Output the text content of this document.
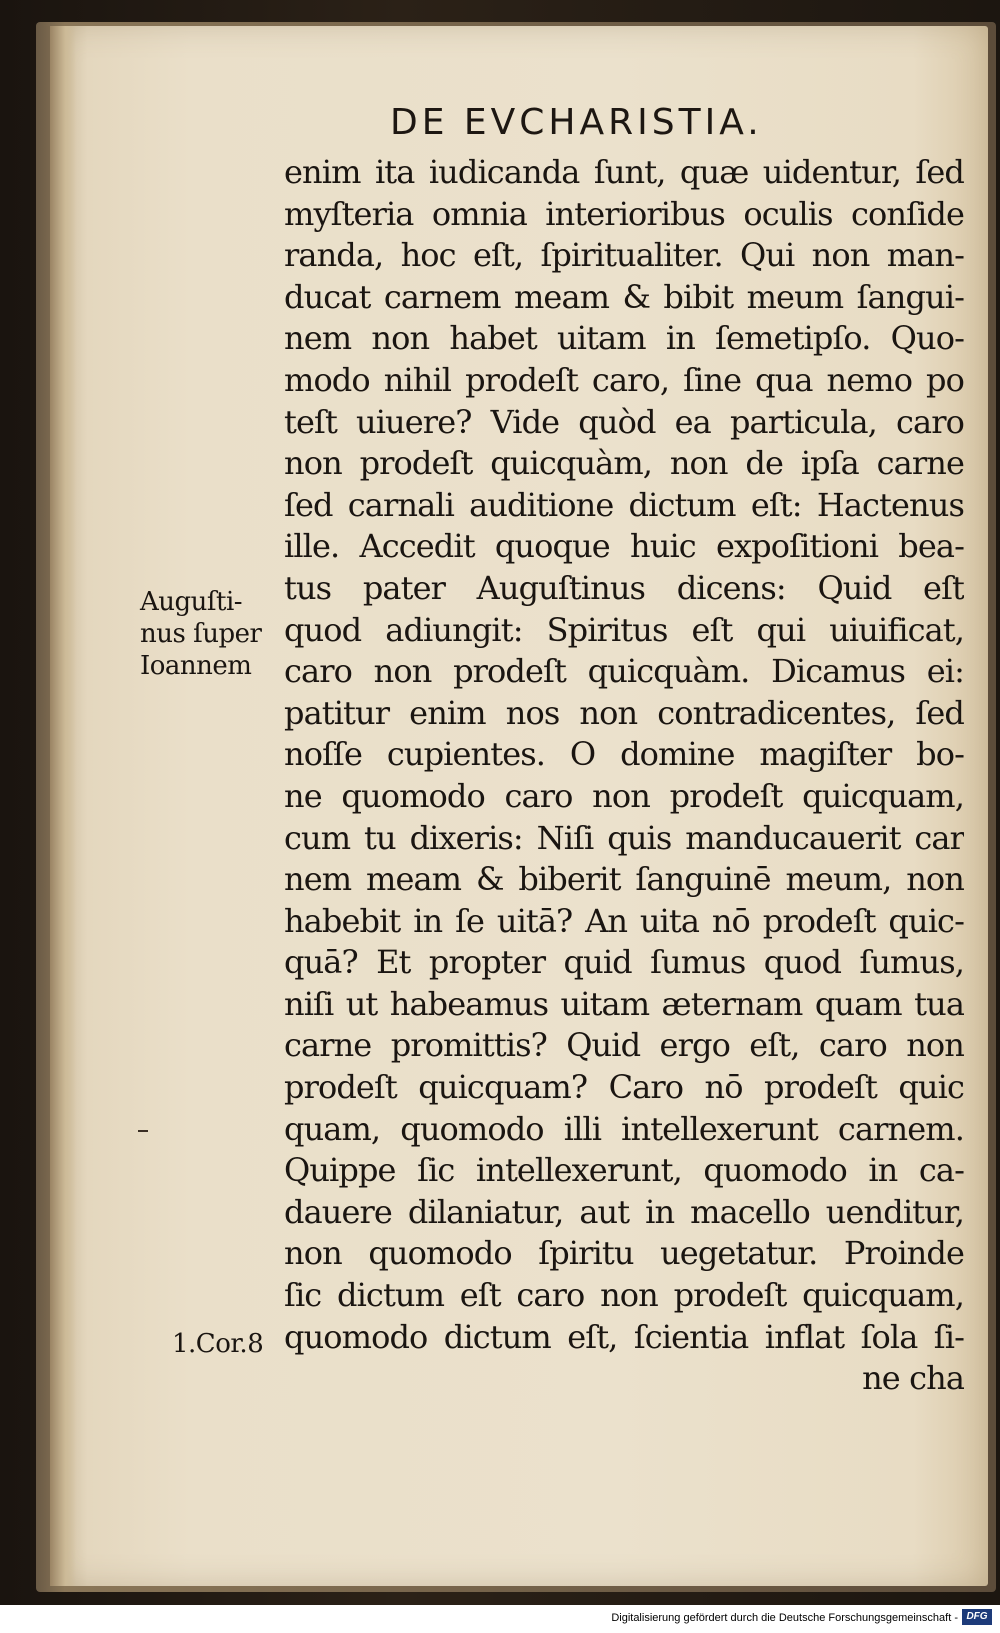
DE EVCHARISTIA.
enim ita iudicanda ſunt, quæ uidentur, ſed
myſteria omnia interioribus oculis conſide
randa, hoc eſt, ſpiritualiter. Qui non man‑
ducat carnem meam & bibit meum ſangui‑
nem non habet uitam in ſemetipſo. Quo‑
modo nihil prodeſt caro, ſine qua nemo po
teſt uiuere? Vide quòd ea particula, caro
non prodeſt quicquàm, non de ipſa carne
ſed carnali auditione dictum eſt: Hactenus
ille. Accedit quoque huic expoſitioni bea‑
tus pater Auguſtinus dicens: Quid eſt
quod adiungit: Spiritus eſt qui uiuificat,
caro non prodeſt quicquàm. Dicamus ei:
patitur enim nos non contradicentes, ſed
noſſe cupientes. O domine magiſter bo‑
ne quomodo caro non prodeſt quicquam,
cum tu dixeris: Niſi quis manducauerit car
nem meam & biberit ſanguinē meum, non
habebit in ſe uitā? An uita nō prodeſt quic‑
quā? Et propter quid ſumus quod ſumus,
niſi ut habeamus uitam æternam quam tua
carne promittis? Quid ergo eſt, caro non
prodeſt quicquam? Caro nō prodeſt quic
quam, quomodo illi intellexerunt carnem.
Quippe ſic intellexerunt, quomodo in ca‑
dauere dilaniatur, aut in macello uenditur,
non quomodo ſpiritu uegetatur. Proinde
ſic dictum eſt caro non prodeſt quicquam,
quomodo dictum eſt, ſcientia inflat ſola ſi‑
ne cha
Auguſti‑
nus ſuper
Ioannem
1.Cor.8
Digitalisierung gefördert durch die Deutsche Forschungsgemeinschaft - DFG
